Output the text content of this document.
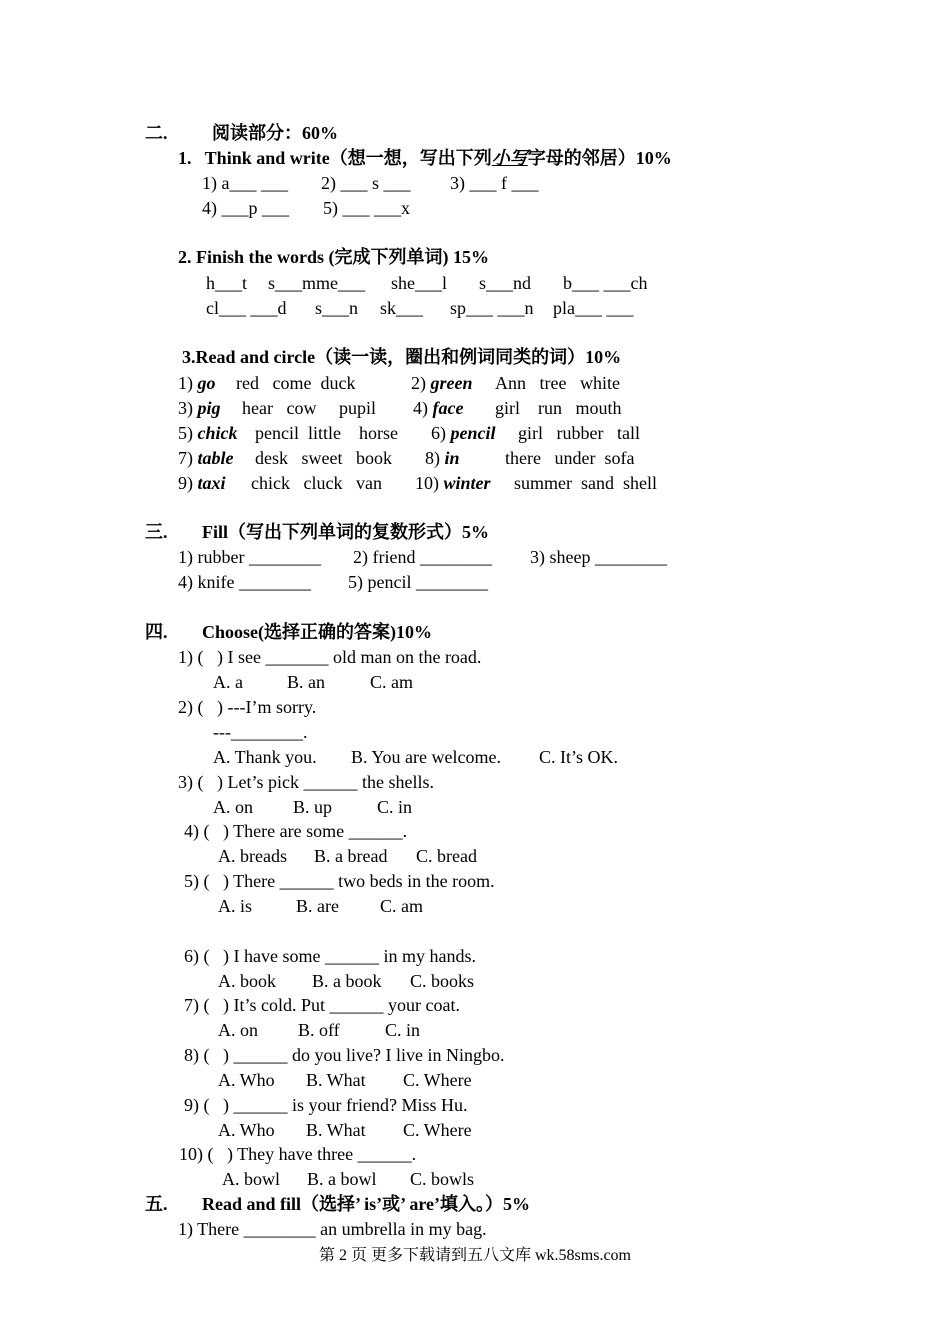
二. 阅读部分：60%
1.   Think and write（想一想，写出下列小写字母的邻居）10%
1) a___ ___ 2) ___ s ___ 3) ___ f ___
4) ___p ___ 5) ___ ___x
2. Finish the words (完成下列单词) 15%
h___t s___mme___ she___l s___nd b___ ___ch
cl___ ___d s___n sk___ sp___ ___n pla___ ___
3.Read and circle（读一读，圈出和例词同类的词）10%
1) go red   come  duck	2) green Ann   tree   white
3) pig hear   cow     pupil 4) face girl    run   mouth
5) chick pencil  little    horse 6) pencil girl   rubber   tall
7) table desk   sweet   book 8) in	there   under  sofa
9) taxi chick   cluck   van 10) winter summer  sand  shell
三. Fill（写出下列单词的复数形式）5%
1) rubber ________ 2) friend ________ 3) sheep ________
4) knife ________ 5) pencil ________
四. Choose(选择正确的答案)10%
1) (   ) I see _______ old man on the road.
A. a B. an	C. am
2) (   ) ---I’m sorry.
---________.
A. Thank you. B. You are welcome. C. It’s OK.
3) (   ) Let’s pick ______ the shells.
A. on B. up C. in
4) (   ) There are some ______.
A. breads B. a bread C. bread
5) (   ) There ______ two beds in the room.
A. is B. are C. am
6) (   ) I have some ______ in my hands.
A. book B. a book C. books
7) (   ) It’s cold. Put ______ your coat.
A. on B. off	C. in
8) (   ) ______ do you live? I live in Ningbo.
A. Who B. What C. Where
9) (   ) ______ is your friend? Miss Hu.
A. Who B. What C. Where
10) (   ) They have three ______.
A. bowl B. a bowl C. bowls
五. Read and fill（选择’ is’或’ are’填入。）5%
1) There ________ an umbrella in my bag.
第 2 页 更多下载请到五八文库 wk.58sms.com
